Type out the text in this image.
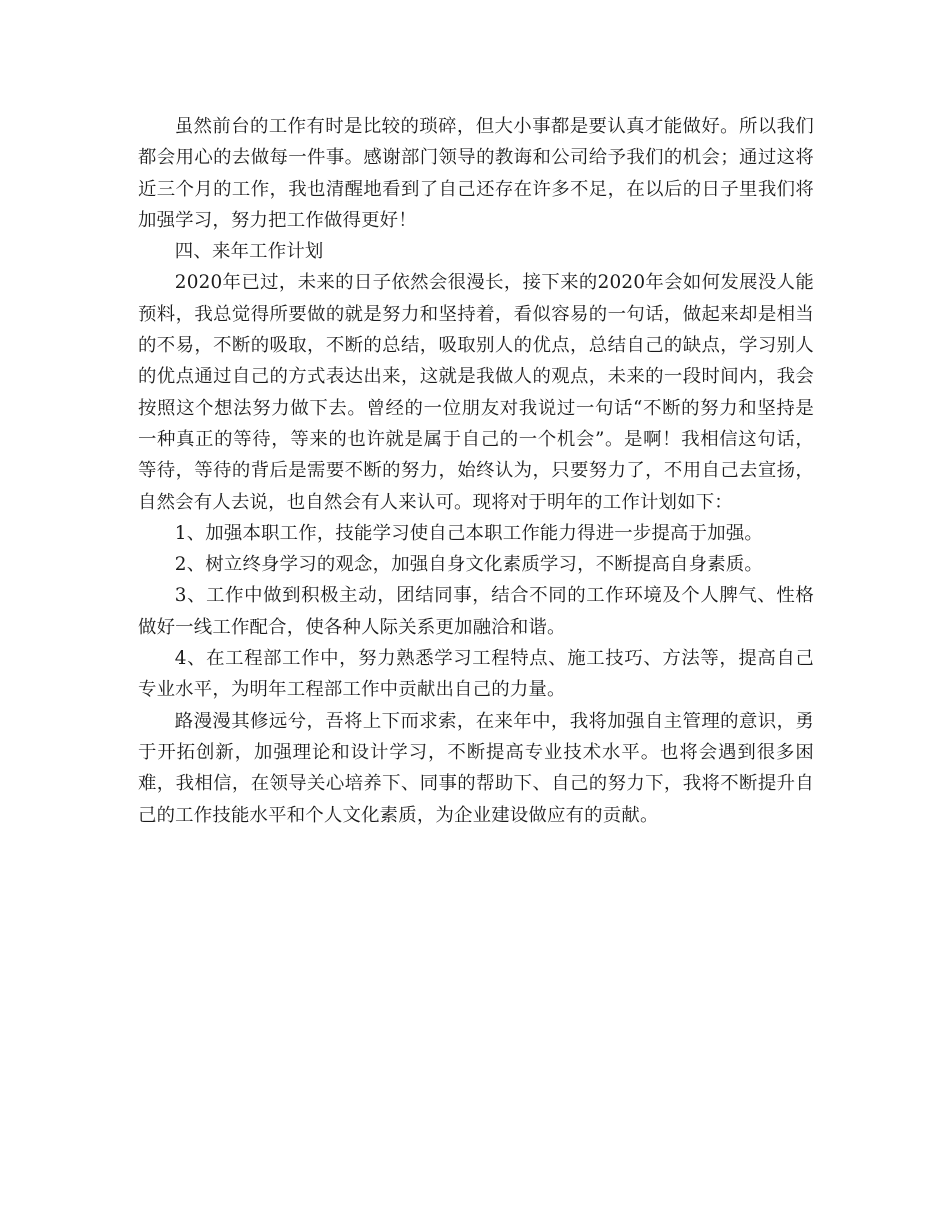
虽然前台的工作有时是比较的琐碎，但大小事都是要认真才能做好。所以我们都会用心的去做每一件事。感谢部门领导的教诲和公司给予我们的机会；通过这将近三个月的工作，我也清醒地看到了自己还存在许多不足，在以后的日子里我们将加强学习，努力把工作做得更好！

四、来年工作计划

2020年已过，未来的日子依然会很漫长，接下来的2020年会如何发展没人能预料，我总觉得所要做的就是努力和坚持着，看似容易的一句话，做起来却是相当的不易，不断的吸取，不断的总结，吸取别人的优点，总结自己的缺点，学习别人的优点通过自己的方式表达出来，这就是我做人的观点，未来的一段时间内，我会按照这个想法努力做下去。曾经的一位朋友对我说过一句话“不断的努力和坚持是一种真正的等待，等来的也许就是属于自己的一个机会”。是啊！我相信这句话，等待，等待的背后是需要不断的努力，始终认为，只要努力了，不用自己去宣扬，自然会有人去说，也自然会有人来认可。现将对于明年的工作计划如下：

1、加强本职工作，技能学习使自己本职工作能力得进一步提高于加强。

2、树立终身学习的观念，加强自身文化素质学习，不断提高自身素质。

3、工作中做到积极主动，团结同事，结合不同的工作环境及个人脾气、性格做好一线工作配合，使各种人际关系更加融洽和谐。

4、在工程部工作中，努力熟悉学习工程特点、施工技巧、方法等，提高自己专业水平，为明年工程部工作中贡献出自己的力量。

路漫漫其修远兮，吾将上下而求索，在来年中，我将加强自主管理的意识，勇于开拓创新，加强理论和设计学习，不断提高专业技术水平。也将会遇到很多困难，我相信，在领导关心培养下、同事的帮助下、自己的努力下，我将不断提升自己的工作技能水平和个人文化素质，为企业建设做应有的贡献。
